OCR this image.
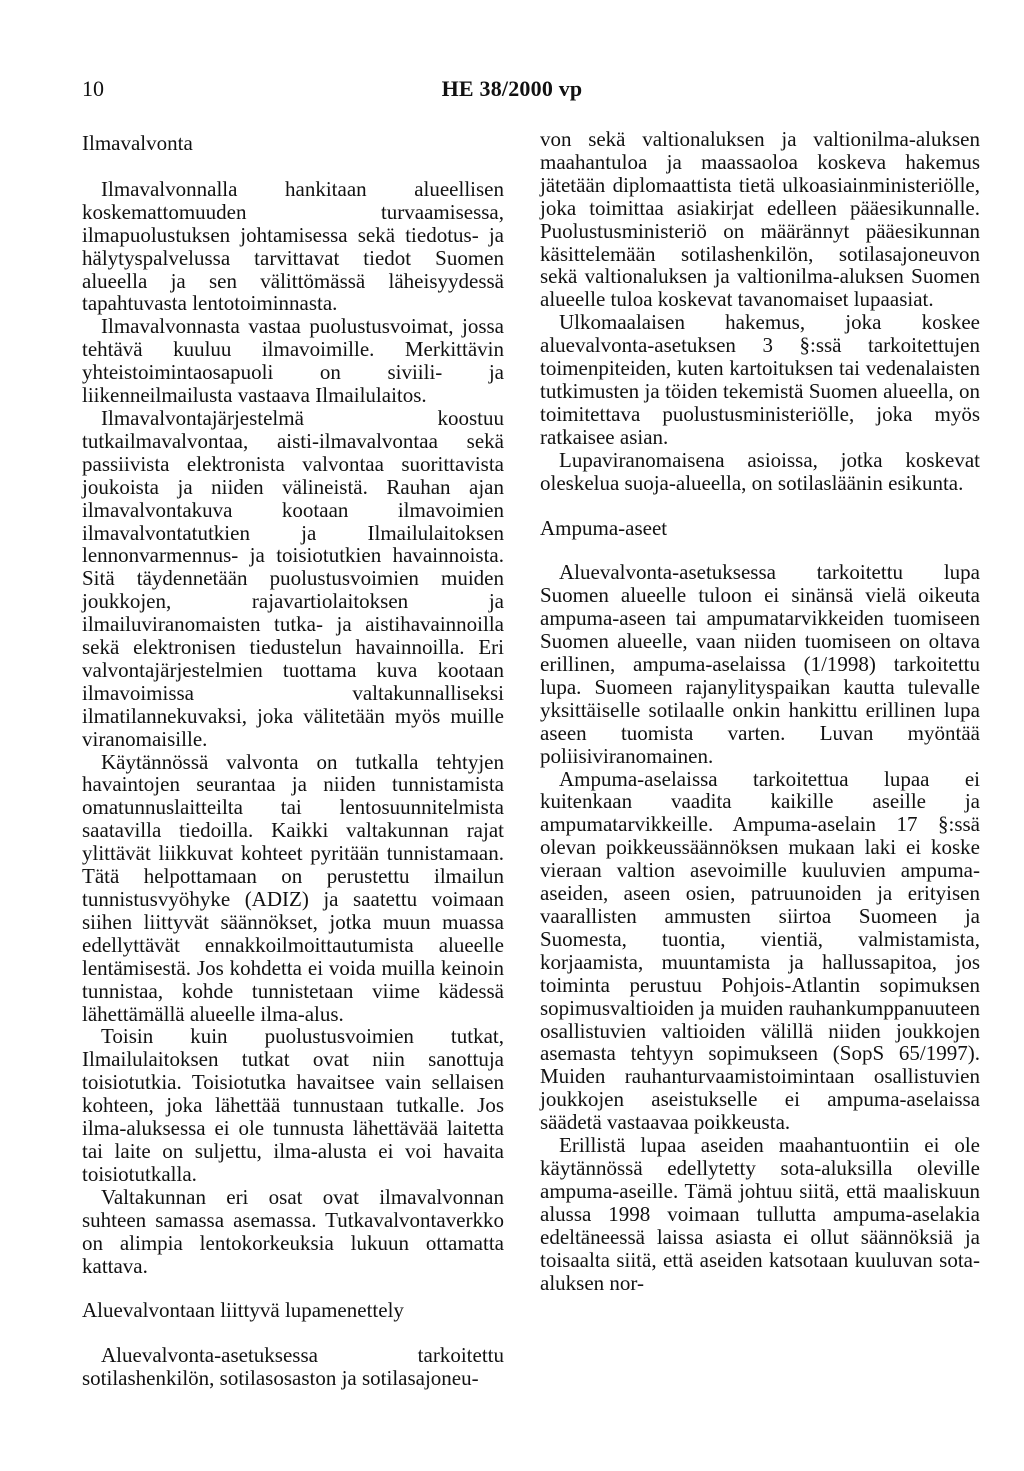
10	HE 38/2000 vp
Ilmavalvonta

Ilmavalvonnalla hankitaan alueellisen koskemattomuuden turvaamisessa, ilmapuolustuksen johtamisessa sekä tiedotus- ja hälytyspalvelussa tarvittavat tiedot Suomen alueella ja sen välittömässä läheisyydessä tapahtuvasta lentotoiminnasta.

Ilmavalvonnasta vastaa puolustusvoimat, jossa tehtävä kuuluu ilmavoimille. Merkittävin yhteistoimintaosapuoli on siviili- ja liikenneilmailusta vastaava Ilmailulaitos.

Ilmavalvontajärjestelmä koostuu tutkailmavalvontaa, aisti-ilmavalvontaa sekä passiivista elektronista valvontaa suorittavista joukoista ja niiden välineistä. Rauhan ajan ilmavalvontakuva kootaan ilmavoimien ilmavalvontatutkien ja Ilmailulaitoksen lennonvarmennus- ja toisiotutkien havainnoista. Sitä täydennetään puolustusvoimien muiden joukkojen, rajavartiolaitoksen ja ilmailuviranomaisten tutka- ja aistihavainnoilla sekä elektronisen tiedustelun havainnoilla. Eri valvontajärjestelmien tuottama kuva kootaan ilmavoimissa valtakunnalliseksi ilmatilannekuvaksi, joka välitetään myös muille viranomaisille.

Käytännössä valvonta on tutkalla tehtyjen havaintojen seurantaa ja niiden tunnistamista omatunnuslaitteilta tai lentosuunnitelmista saatavilla tiedoilla. Kaikki valtakunnan rajat ylittävät liikkuvat kohteet pyritään tunnistamaan. Tätä helpottamaan on perustettu ilmailun tunnistusvyöhyke (ADIZ) ja saatettu voimaan siihen liittyvät säännökset, jotka muun muassa edellyttävät ennakkoilmoittautumista alueelle lentämisestä. Jos kohdetta ei voida muilla keinoin tunnistaa, kohde tunnistetaan viime kädessä lähettämällä alueelle ilma-alus.

Toisin kuin puolustusvoimien tutkat, Ilmailulaitoksen tutkat ovat niin sanottuja toisiotutkia. Toisiotutka havaitsee vain sellaisen kohteen, joka lähettää tunnustaan tutkalle. Jos ilma-aluksessa ei ole tunnusta lähettävää laitetta tai laite on suljettu, ilma-alusta ei voi havaita toisiotutkalla.

Valtakunnan eri osat ovat ilmavalvonnan suhteen samassa asemassa. Tutkavalvontaverkko on alimpia lentokorkeuksia lukuun ottamatta kattava.

Aluevalvontaan liittyvä lupamenettely

Aluevalvonta-asetuksessa tarkoitettu sotilashenkilön, sotilasosaston ja sotilasajoneu-

von sekä valtionaluksen ja valtionilma-aluksen maahantuloa ja maassaoloa koskeva hakemus jätetään diplomaattista tietä ulkoasiainministeriölle, joka toimittaa asiakirjat edelleen pääesikunnalle. Puolustusministeriö on määrännyt pääesikunnan käsittelemään sotilashenkilön, sotilasajoneuvon sekä valtionaluksen ja valtionilma-aluksen Suomen alueelle tuloa koskevat tavanomaiset lupaasiat.

Ulkomaalaisen hakemus, joka koskee aluevalvonta-asetuksen 3 §:ssä tarkoitettujen toimenpiteiden, kuten kartoituksen tai vedenalaisten tutkimusten ja töiden tekemistä Suomen alueella, on toimitettava puolustusministeriölle, joka myös ratkaisee asian.

Lupaviranomaisena asioissa, jotka koskevat oleskelua suoja-alueella, on sotilasläänin esikunta.

Ampuma-aseet

Aluevalvonta-asetuksessa tarkoitettu lupa Suomen alueelle tuloon ei sinänsä vielä oikeuta ampuma-aseen tai ampumatarvikkeiden tuomiseen Suomen alueelle, vaan niiden tuomiseen on oltava erillinen, ampuma-aselaissa (1/1998) tarkoitettu lupa. Suomeen rajanylityspaikan kautta tulevalle yksittäiselle sotilaalle onkin hankittu erillinen lupa aseen tuomista varten. Luvan myöntää poliisiviranomainen.

Ampuma-aselaissa tarkoitettua lupaa ei kuitenkaan vaadita kaikille aseille ja ampumatarvikkeille. Ampuma-aselain 17 §:ssä olevan poikkeussäännöksen mukaan laki ei koske vieraan valtion asevoimille kuuluvien ampuma-aseiden, aseen osien, patruunoiden ja erityisen vaarallisten ammusten siirtoa Suomeen ja Suomesta, tuontia, vientiä, valmistamista, korjaamista, muuntamista ja hallussapitoa, jos toiminta perustuu Pohjois-Atlantin sopimuksen sopimusvaltioiden ja muiden rauhankumppanuuteen osallistuvien valtioiden välillä niiden joukkojen asemasta tehtyyn sopimukseen (SopS 65/1997). Muiden rauhanturvaamistoimintaan osallistuvien joukkojen aseistukselle ei ampuma-aselaissa säädetä vastaavaa poikkeusta.

Erillistä lupaa aseiden maahantuontiin ei ole käytännössä edellytetty sota-aluksilla oleville ampuma-aseille. Tämä johtuu siitä, että maaliskuun alussa 1998 voimaan tullutta ampuma-aselakia edeltäneessä laissa asiasta ei ollut säännöksiä ja toisaalta siitä, että aseiden katsotaan kuuluvan sota-aluksen nor-
